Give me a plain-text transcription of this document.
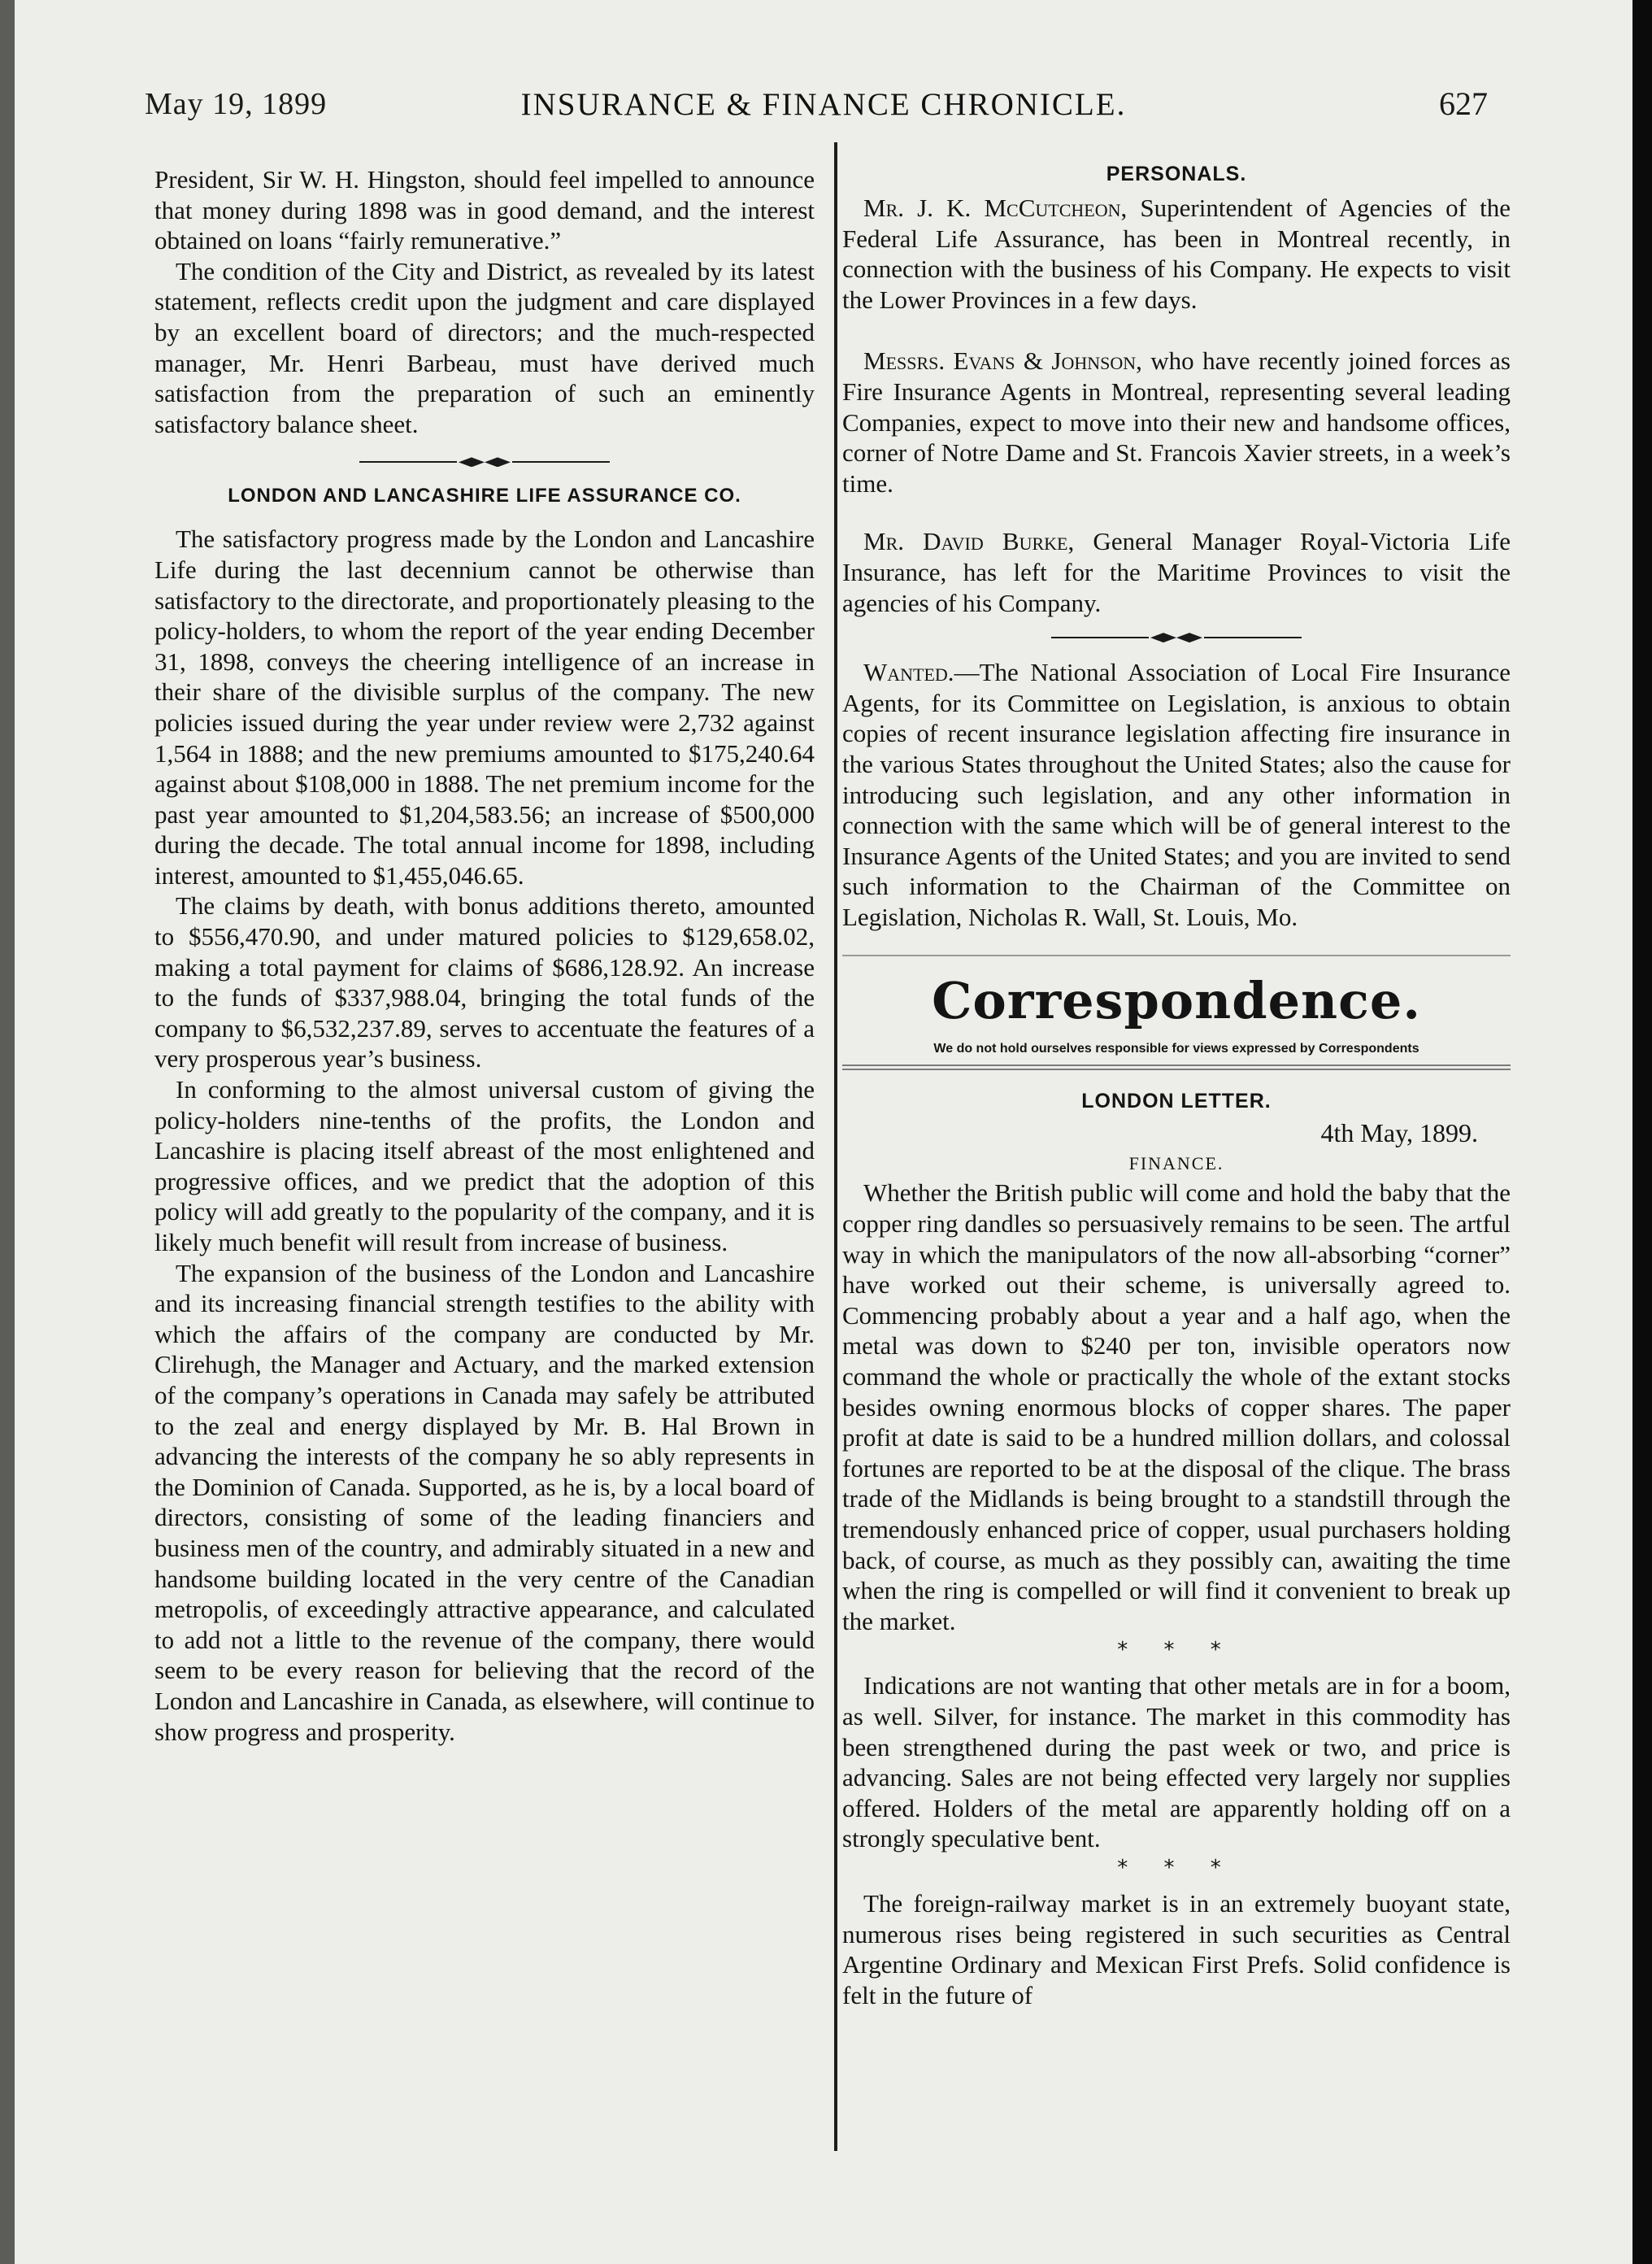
May 19, 1899	INSURANCE & FINANCE CHRONICLE.	627

President, Sir W. H. Hingston, should feel impelled to announce that money during 1898 was in good demand, and the interest obtained on loans “fairly remunerative.”

The condition of the City and District, as revealed by its latest statement, reflects credit upon the judgment and care displayed by an excellent board of directors; and the much-respected manager, Mr. Henri Barbeau, must have derived much satisfaction from the preparation of such an eminently satisfactory balance sheet.

LONDON AND LANCASHIRE LIFE ASSURANCE CO.

The satisfactory progress made by the London and Lancashire Life during the last decennium cannot be otherwise than satisfactory to the directorate, and proportionately pleasing to the policy-holders, to whom the report of the year ending December 31, 1898, conveys the cheering intelligence of an increase in their share of the divisible surplus of the company. The new policies issued during the year under review were 2,732 against 1,564 in 1888; and the new premiums amounted to $175,240.64 against about $108,000 in 1888. The net premium income for the past year amounted to $1,204,583.56; an increase of $500,000 during the decade. The total annual income for 1898, including interest, amounted to $1,455,046.65.

The claims by death, with bonus additions thereto, amounted to $556,470.90, and under matured policies to $129,658.02, making a total payment for claims of $686,128.92. An increase to the funds of $337,988.04, bringing the total funds of the company to $6,532,237.89, serves to accentuate the features of a very prosperous year’s business.

In conforming to the almost universal custom of giving the policy-holders nine-tenths of the profits, the London and Lancashire is placing itself abreast of the most enlightened and progressive offices, and we predict that the adoption of this policy will add greatly to the popularity of the company, and it is likely much benefit will result from increase of business.

The expansion of the business of the London and Lancashire and its increasing financial strength testifies to the ability with which the affairs of the company are conducted by Mr. Clirehugh, the Manager and Actuary, and the marked extension of the company’s operations in Canada may safely be attributed to the zeal and energy displayed by Mr. B. Hal Brown in advancing the interests of the company he so ably represents in the Dominion of Canada. Supported, as he is, by a local board of directors, consisting of some of the leading financiers and business men of the country, and admirably situated in a new and handsome building located in the very centre of the Canadian metropolis, of exceedingly attractive appearance, and calculated to add not a little to the revenue of the company, there would seem to be every reason for believing that the record of the London and Lancashire in Canada, as elsewhere, will continue to show progress and prosperity.

PERSONALS.

Mr. J. K. McCutcheon, Superintendent of Agencies of the Federal Life Assurance, has been in Montreal recently, in connection with the business of his Company. He expects to visit the Lower Provinces in a few days.

Messrs. Evans & Johnson, who have recently joined forces as Fire Insurance Agents in Montreal, representing several leading Companies, expect to move into their new and handsome offices, corner of Notre Dame and St. Francois Xavier streets, in a week’s time.

Mr. David Burke, General Manager Royal-Victoria Life Insurance, has left for the Maritime Provinces to visit the agencies of his Company.

Wanted.—The National Association of Local Fire Insurance Agents, for its Committee on Legislation, is anxious to obtain copies of recent insurance legislation affecting fire insurance in the various States throughout the United States; also the cause for introducing such legislation, and any other information in connection with the same which will be of general interest to the Insurance Agents of the United States; and you are invited to send such information to the Chairman of the Committee on Legislation, Nicholas R. Wall, St. Louis, Mo.

Correspondence.
We do not hold ourselves responsible for views expressed by Correspondents
LONDON LETTER.
4th May, 1899.
FINANCE.

Whether the British public will come and hold the baby that the copper ring dandles so persuasively remains to be seen. The artful way in which the manipulators of the now all-absorbing “corner” have worked out their scheme, is universally agreed to. Commencing probably about a year and a half ago, when the metal was down to $240 per ton, invisible operators now command the whole or practically the whole of the extant stocks besides owning enormous blocks of copper shares. The paper profit at date is said to be a hundred million dollars, and colossal fortunes are reported to be at the disposal of the clique. The brass trade of the Midlands is being brought to a standstill through the tremendously enhanced price of copper, usual purchasers holding back, of course, as much as they possibly can, awaiting the time when the ring is compelled or will find it convenient to break up the market.

* * *

Indications are not wanting that other metals are in for a boom, as well. Silver, for instance. The market in this commodity has been strengthened during the past week or two, and price is advancing. Sales are not being effected very largely nor supplies offered. Holders of the metal are apparently holding off on a strongly speculative bent.

* * *

The foreign-railway market is in an extremely buoyant state, numerous rises being registered in such securities as Central Argentine Ordinary and Mexican First Prefs. Solid confidence is felt in the future of
